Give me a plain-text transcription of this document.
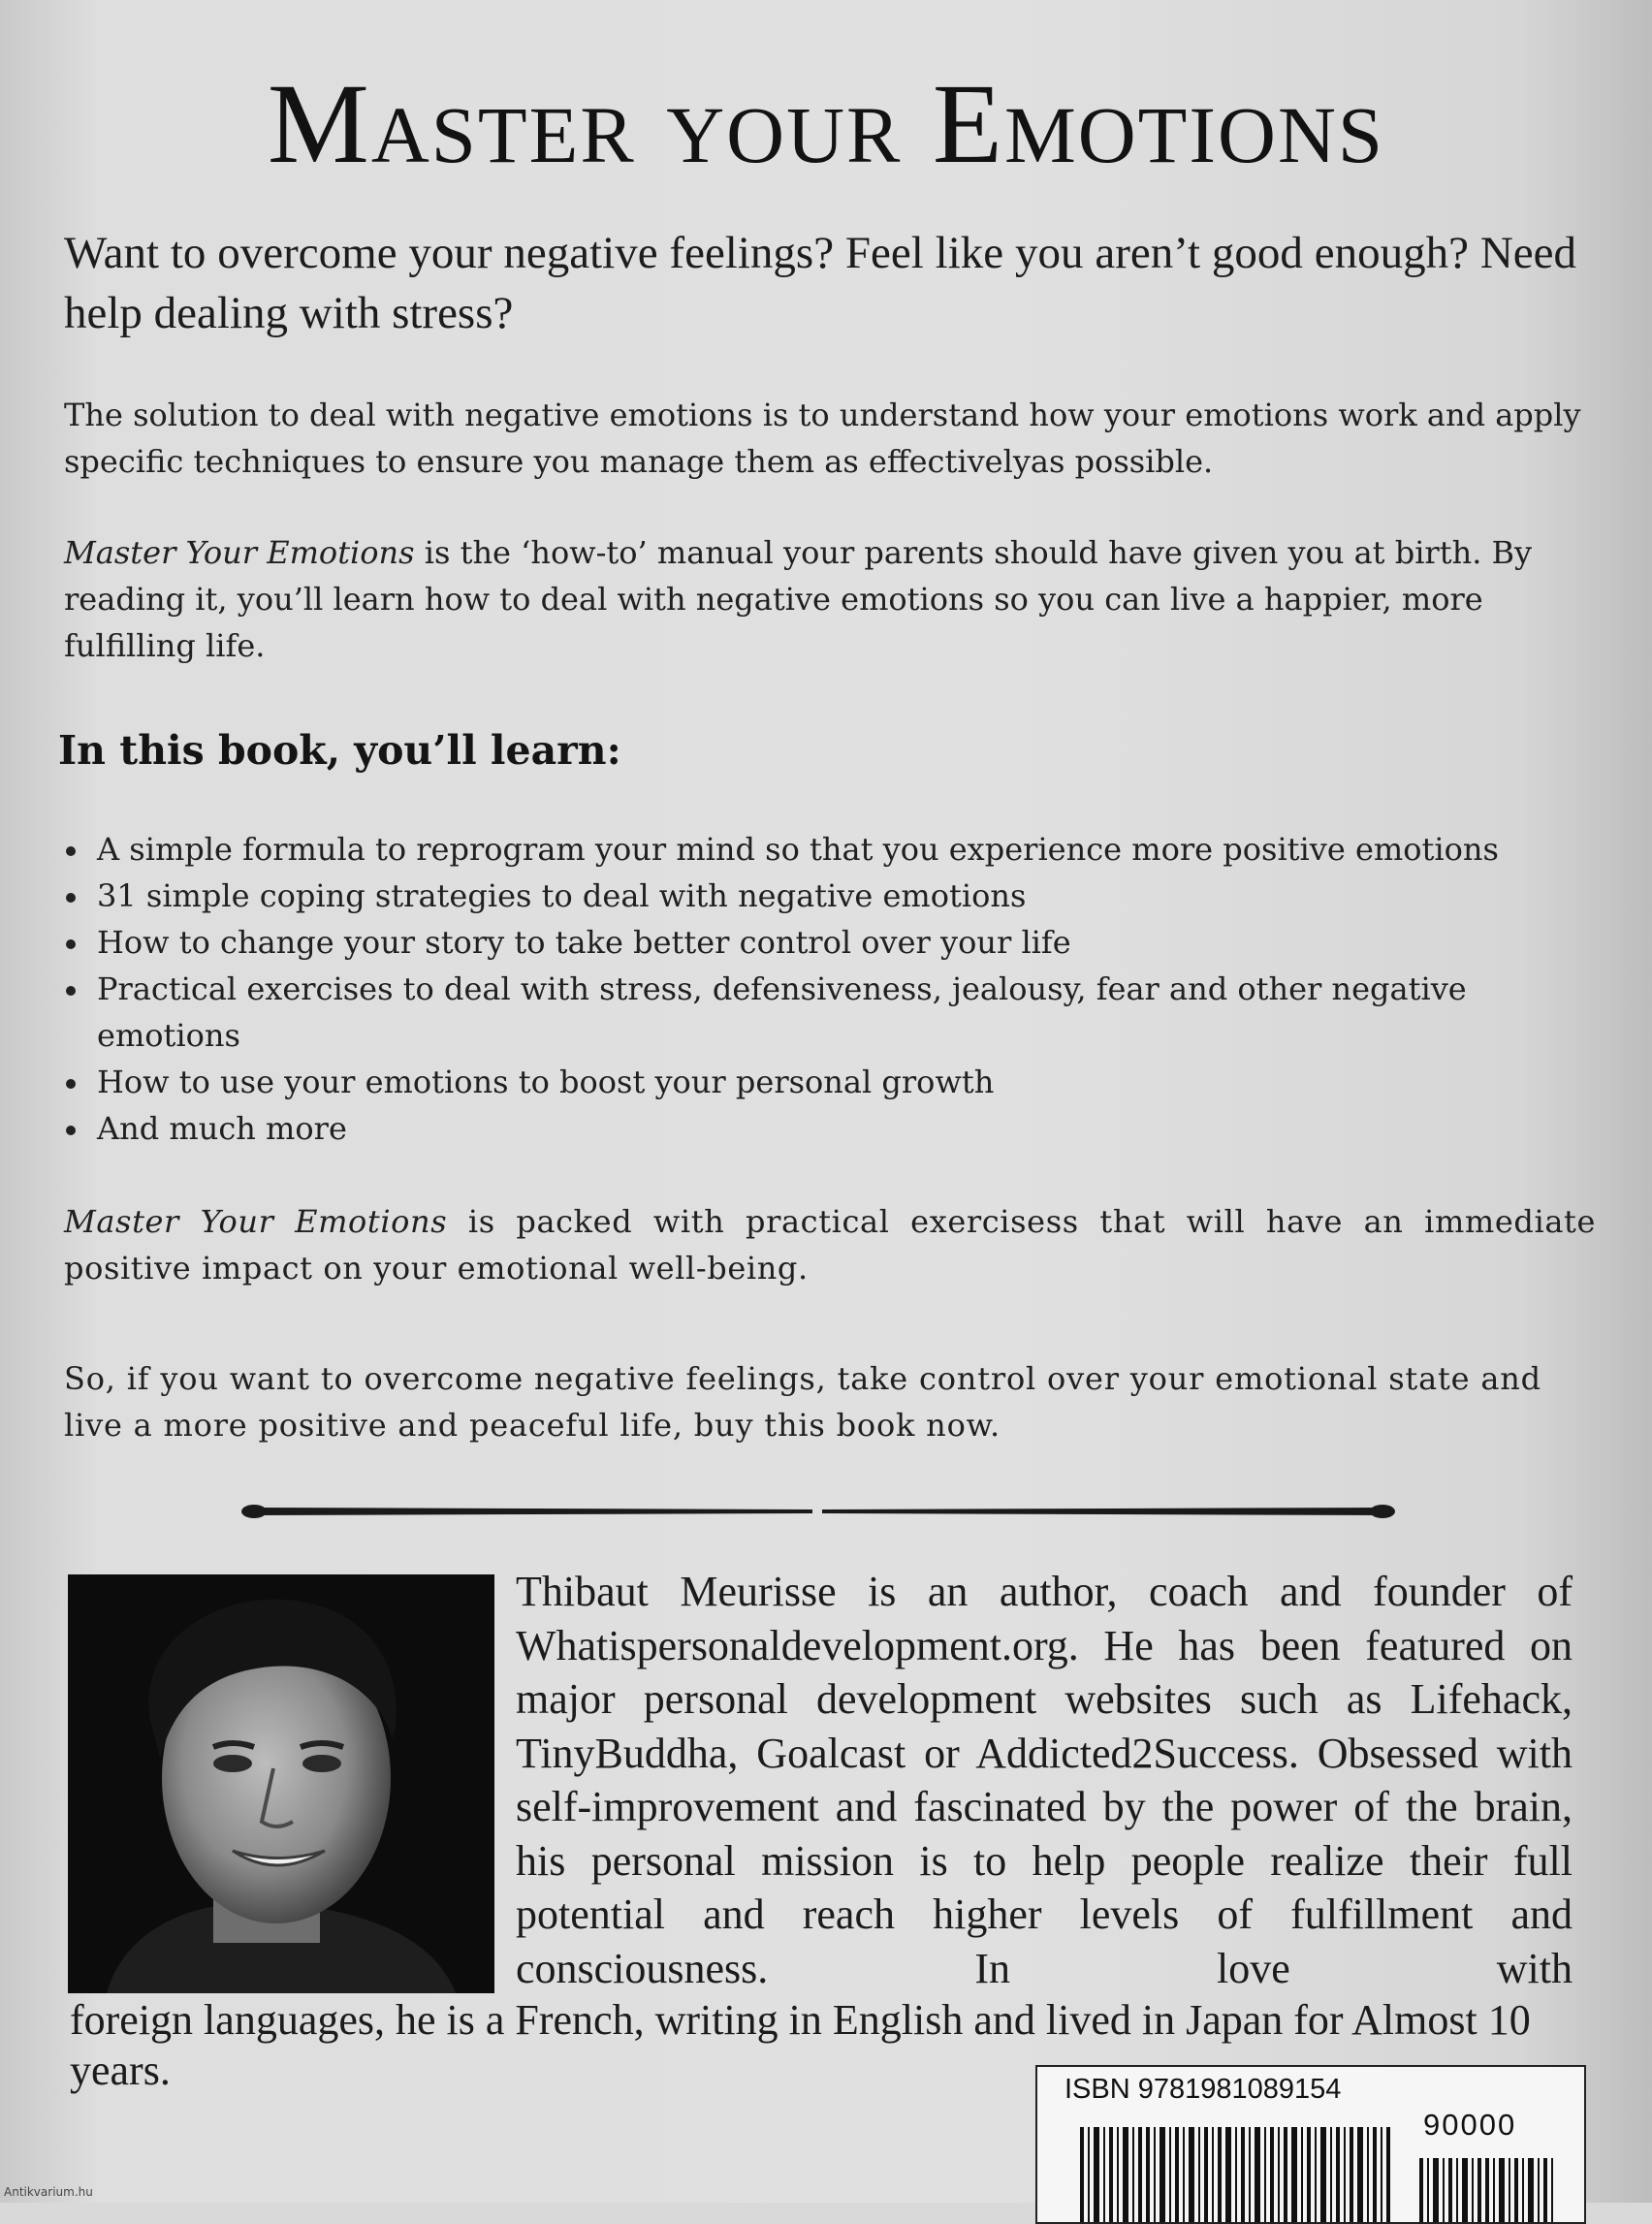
Master your Emotions
Want to overcome your negative feelings? Feel like you aren’t good enough? Need help dealing with stress?
The solution to deal with negative emotions is to understand how your emotions work and apply specific techniques to ensure you manage them as effectivelyas possible.
Master Your Emotions is the ‘how-to’ manual your parents should have given you at birth. By reading it, you’ll learn how to deal with negative emotions so you can live a happier, more fulfilling life.
In this book, you’ll learn:
A simple formula to reprogram your mind so that you experience more positive emotions
31 simple coping strategies to deal with negative emotions
How to change your story to take better control over your life
Practical exercises to deal with stress, defensiveness, jealousy, fear and other negative emotions
How to use your emotions to boost your personal growth
And much more
Master Your Emotions is packed with practical exercisess that will have an immediate positive impact on your emotional well-being.
So, if you want to overcome negative feelings, take control over your emotional state and live a more positive and peaceful life, buy this book now.
Thibaut Meurisse is an author, coach and founder of Whatispersonaldevelopment.org. He has been featured on major personal development websites such as Lifehack, TinyBuddha, Goalcast or Addicted2Success. Obsessed with self-improvement and fascinated by the power of the brain, his personal mission is to help people realize their full potential and reach higher levels of fulfillment and consciousness. In love with
foreign languages, he is a French, writing in English and lived in Japan for Almost 10 years.	ISBN 9781981089154
90000
Antikvarium.hu
